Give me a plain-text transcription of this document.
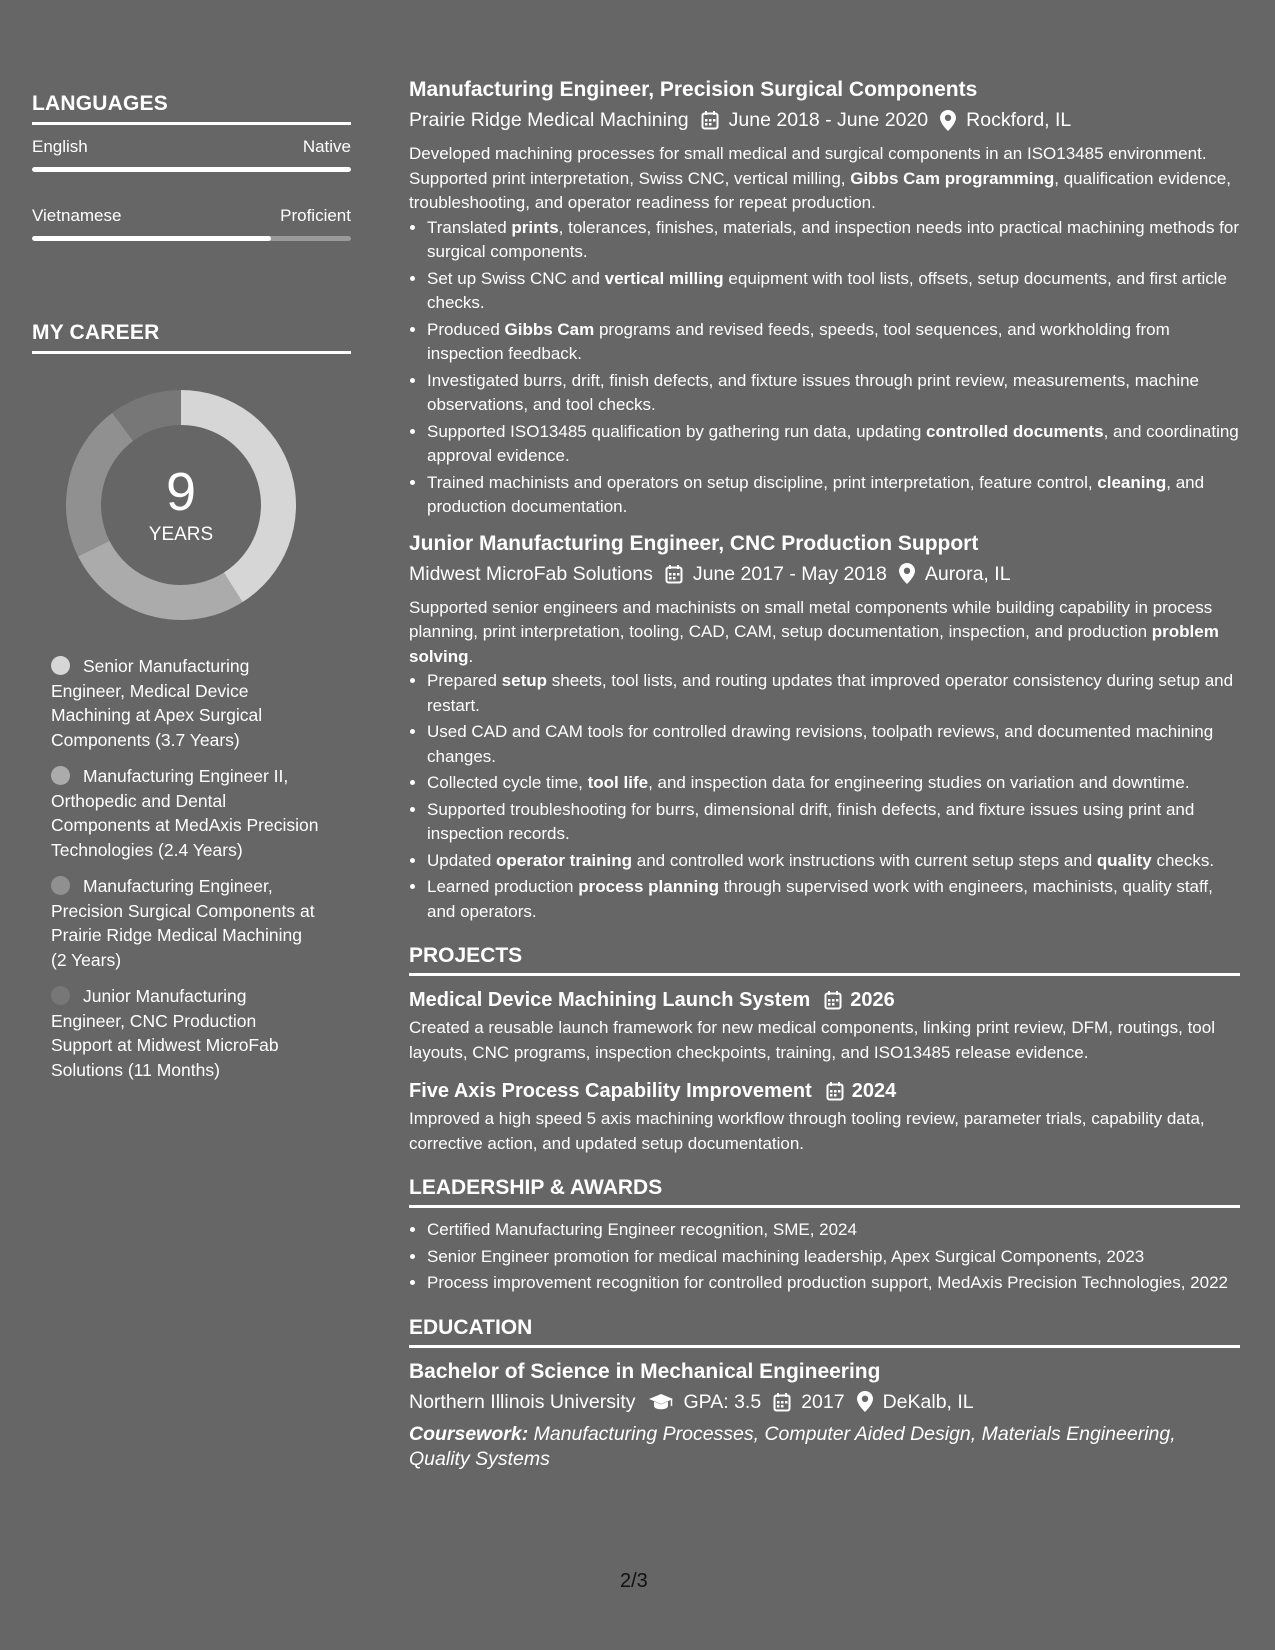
LANGUAGES
English	Native
Vietnamese	Proficient
MY CAREER
9
YEARS
Senior Manufacturing Engineer, Medical Device Machining at Apex Surgical Components (3.7 Years)
Manufacturing Engineer II, Orthopedic and Dental Components at MedAxis Precision Technologies (2.4 Years)
Manufacturing Engineer, Precision Surgical Components at Prairie Ridge Medical Machining (2 Years)
Junior Manufacturing Engineer, CNC Production Support at Midwest MicroFab Solutions (11 Months)
Manufacturing Engineer, Precision Surgical Components
Prairie Ridge Medical Machining June 2018 - June 2020 Rockford, IL
Developed machining processes for small medical and surgical components in an ISO13485 environment. Supported print interpretation, Swiss CNC, vertical milling, Gibbs Cam programming, qualification evidence, troubleshooting, and operator readiness for repeat production.
• Translated prints, tolerances, finishes, materials, and inspection needs into practical machining methods for surgical components.
• Set up Swiss CNC and vertical milling equipment with tool lists, offsets, setup documents, and first article checks.
• Produced Gibbs Cam programs and revised feeds, speeds, tool sequences, and workholding from inspection feedback.
• Investigated burrs, drift, finish defects, and fixture issues through print review, measurements, machine observations, and tool checks.
• Supported ISO13485 qualification by gathering run data, updating controlled documents, and coordinating approval evidence.
• Trained machinists and operators on setup discipline, print interpretation, feature control, cleaning, and production documentation.
Junior Manufacturing Engineer, CNC Production Support
Midwest MicroFab Solutions June 2017 - May 2018 Aurora, IL
Supported senior engineers and machinists on small metal components while building capability in process planning, print interpretation, tooling, CAD, CAM, setup documentation, inspection, and production problem solving.
• Prepared setup sheets, tool lists, and routing updates that improved operator consistency during setup and restart.
• Used CAD and CAM tools for controlled drawing revisions, toolpath reviews, and documented machining changes.
• Collected cycle time, tool life, and inspection data for engineering studies on variation and downtime.
• Supported troubleshooting for burrs, dimensional drift, finish defects, and fixture issues using print and inspection records.
• Updated operator training and controlled work instructions with current setup steps and quality checks.
• Learned production process planning through supervised work with engineers, machinists, quality staff, and operators.
PROJECTS
Medical Device Machining Launch System 2026
Created a reusable launch framework for new medical components, linking print review, DFM, routings, tool layouts, CNC programs, inspection checkpoints, training, and ISO13485 release evidence.
Five Axis Process Capability Improvement 2024
Improved a high speed 5 axis machining workflow through tooling review, parameter trials, capability data, corrective action, and updated setup documentation.
LEADERSHIP & AWARDS
• Certified Manufacturing Engineer recognition, SME, 2024
• Senior Engineer promotion for medical machining leadership, Apex Surgical Components, 2023
• Process improvement recognition for controlled production support, MedAxis Precision Technologies, 2022
EDUCATION
Bachelor of Science in Mechanical Engineering
Northern Illinois University GPA: 3.5 2017 DeKalb, IL
Coursework: Manufacturing Processes, Computer Aided Design, Materials Engineering, Quality Systems
2/3
